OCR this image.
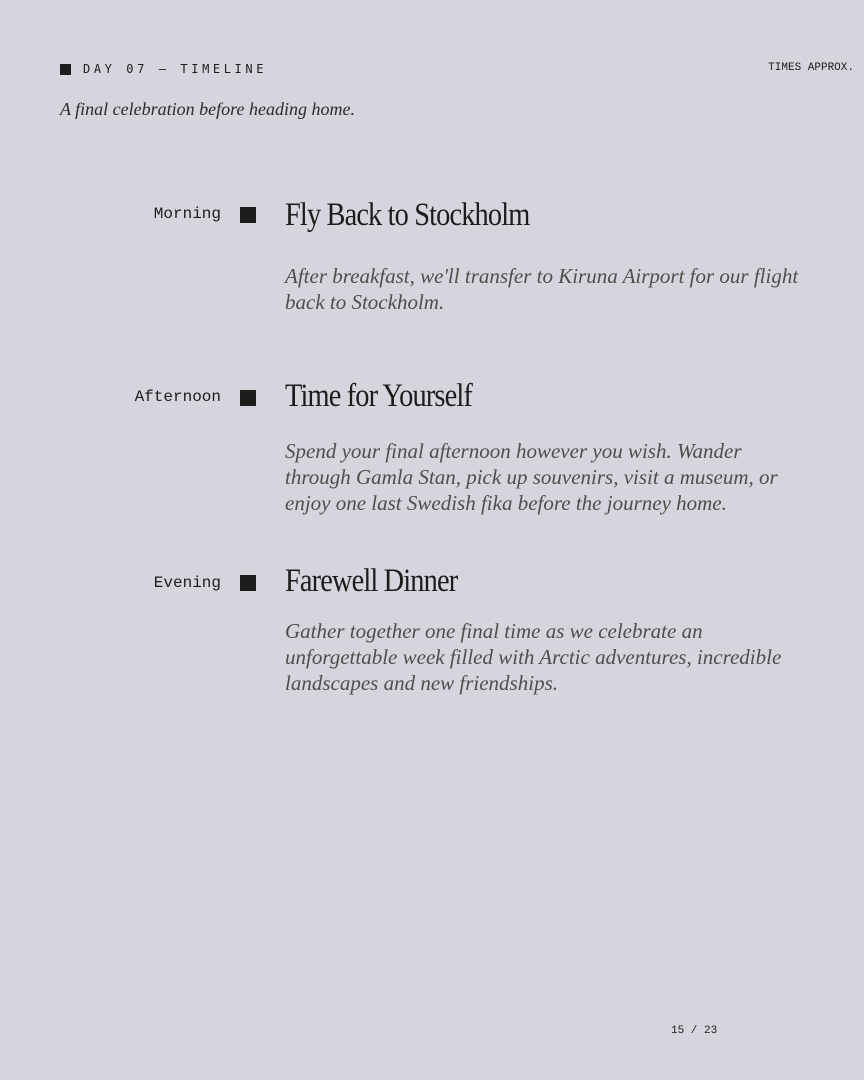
DAY 07 — TIMELINE	TIMES APPROX.
A final celebration before heading home.
Morning Fly Back to Stockholm
After breakfast, we'll transfer to Kiruna Airport for our flight back to Stockholm.
Afternoon Time for Yourself
Spend your final afternoon however you wish. Wander through Gamla Stan, pick up souvenirs, visit a museum, or enjoy one last Swedish fika before the journey home.
Evening Farewell Dinner
Gather together one final time as we celebrate an unforgettable week filled with Arctic adventures, incredible landscapes and new friendships.
15 / 23
